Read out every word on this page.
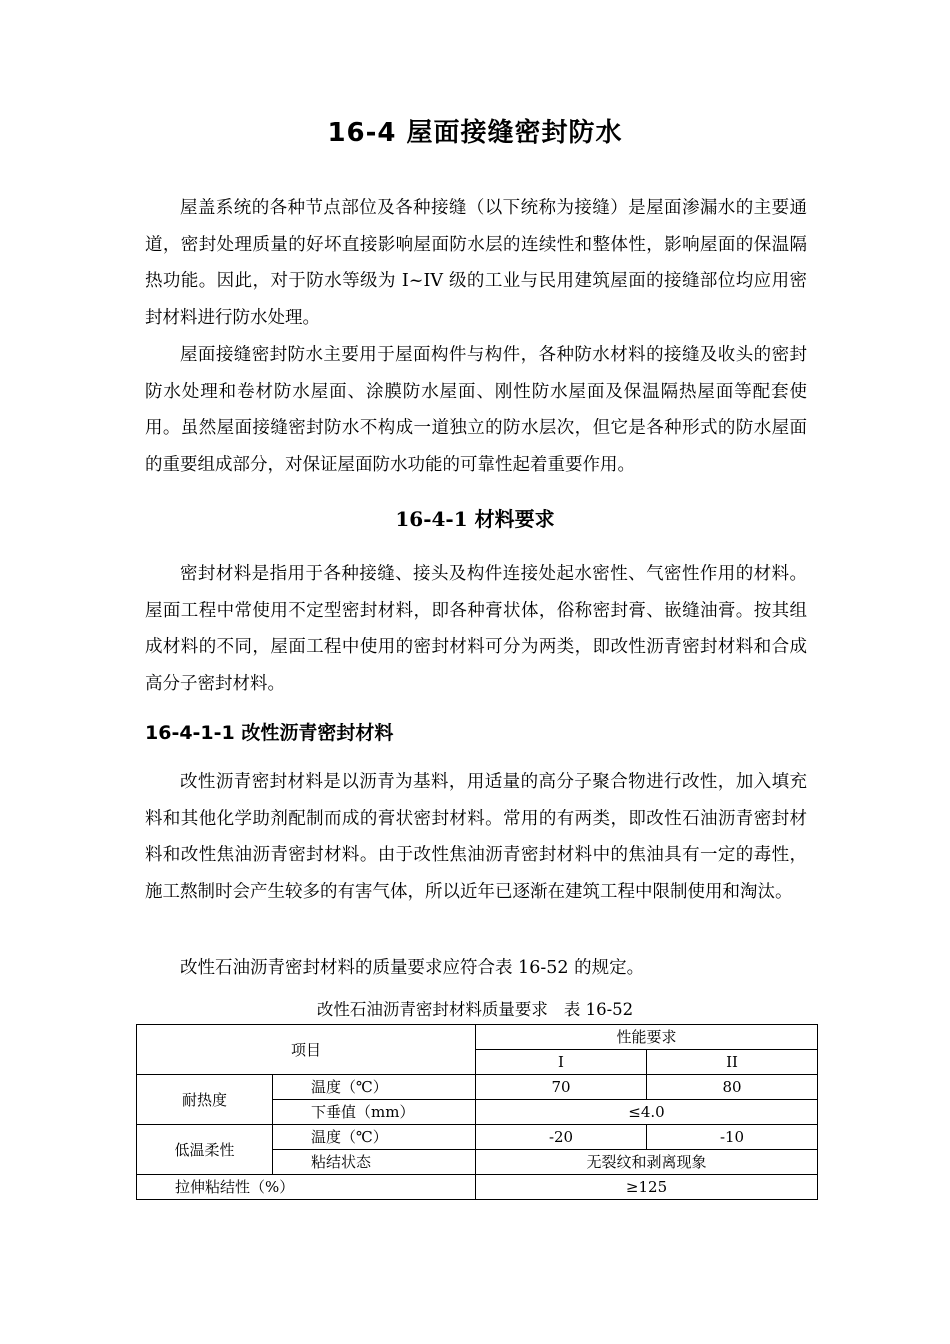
16-4 屋面接缝密封防水

屋盖系统的各种节点部位及各种接缝（以下统称为接缝）是屋面渗漏水的主要通道，密封处理质量的好坏直接影响屋面防水层的连续性和整体性，影响屋面的保温隔热功能。因此，对于防水等级为 I~IV 级的工业与民用建筑屋面的接缝部位均应用密封材料进行防水处理。

屋面接缝密封防水主要用于屋面构件与构件，各种防水材料的接缝及收头的密封防水处理和卷材防水屋面、涂膜防水屋面、刚性防水屋面及保温隔热屋面等配套使用。虽然屋面接缝密封防水不构成一道独立的防水层次，但它是各种形式的防水屋面的重要组成部分，对保证屋面防水功能的可靠性起着重要作用。

16-4-1 材料要求

密封材料是指用于各种接缝、接头及构件连接处起水密性、气密性作用的材料。屋面工程中常使用不定型密封材料，即各种膏状体，俗称密封膏、嵌缝油膏。按其组成材料的不同，屋面工程中使用的密封材料可分为两类，即改性沥青密封材料和合成高分子密封材料。

16-4-1-1 改性沥青密封材料

改性沥青密封材料是以沥青为基料，用适量的高分子聚合物进行改性，加入填充料和其他化学助剂配制而成的膏状密封材料。常用的有两类，即改性石油沥青密封材料和改性焦油沥青密封材料。由于改性焦油沥青密封材料中的焦油具有一定的毒性，施工熬制时会产生较多的有害气体，所以近年已逐渐在建筑工程中限制使用和淘汰。

改性石油沥青密封材料的质量要求应符合表 16-52 的规定。

改性石油沥青密封材料质量要求 表 16-52
项目		性能要求	
		I	II
耐热度	温度（℃）	70	80
	下垂值（mm）	≤4.0	
低温柔性	温度（℃）	-20	-10
	粘结状态	无裂纹和剥离现象	
拉伸粘结性（%）		≥125	
